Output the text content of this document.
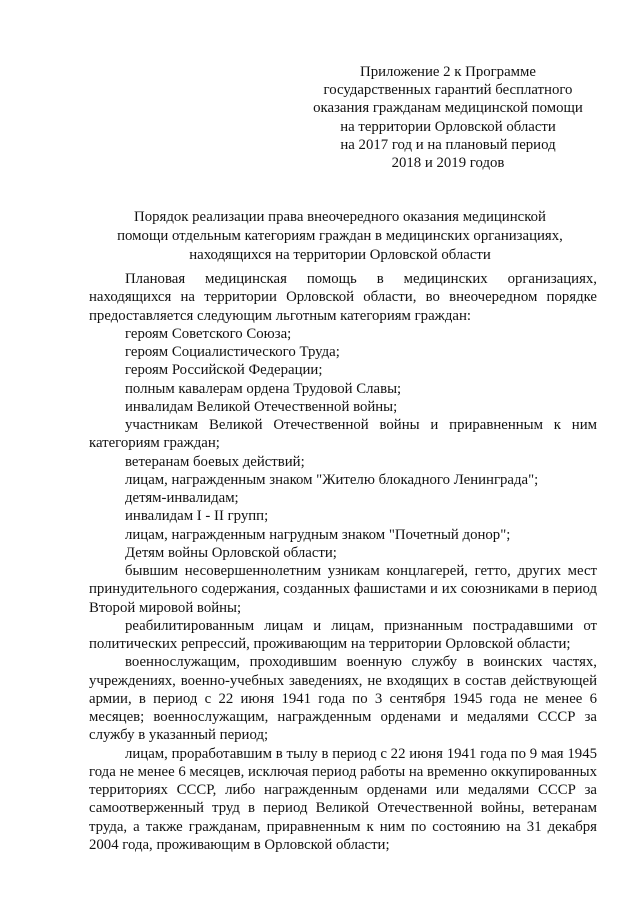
Приложение 2 к Программе
государственных гарантий бесплатного
оказания гражданам медицинской помощи
на территории Орловской области
на 2017 год и на плановый период
2018 и 2019 годов
Порядок реализации права внеочередного оказания медицинской
помощи отдельным категориям граждан в медицинских организациях,
находящихся на территории Орловской области

Плановая медицинская помощь в медицинских организациях, находящихся на территории Орловской области, во внеочередном порядке предоставляется следующим льготным категориям граждан:

героям Советского Союза;

героям Социалистического Труда;

героям Российской Федерации;

полным кавалерам ордена Трудовой Славы;

инвалидам Великой Отечественной войны;

участникам Великой Отечественной войны и приравненным к ним категориям граждан;

ветеранам боевых действий;

лицам, награжденным знаком "Жителю блокадного Ленинграда";

детям-инвалидам;

инвалидам I - II групп;

лицам, награжденным нагрудным знаком "Почетный донор";

Детям войны Орловской области;

бывшим несовершеннолетним узникам концлагерей, гетто, других мест принудительного содержания, созданных фашистами и их союзниками в период Второй мировой войны;

реабилитированным лицам и лицам, признанным пострадавшими от политических репрессий, проживающим на территории Орловской области;

военнослужащим, проходившим военную службу в воинских частях, учреждениях, военно-учебных заведениях, не входящих в состав действующей армии, в период с 22 июня 1941 года по 3 сентября 1945 года не менее 6 месяцев; военнослужащим, награжденным орденами и медалями СССР за службу в указанный период;

лицам, проработавшим в тылу в период с 22 июня 1941 года по 9 мая 1945 года не менее 6 месяцев, исключая период работы на временно оккупированных территориях СССР, либо награжденным орденами или медалями СССР за самоотверженный труд в период Великой Отечественной войны, ветеранам труда, а также гражданам, приравненным к ним по состоянию на 31 декабря 2004 года, проживающим в Орловской области;
